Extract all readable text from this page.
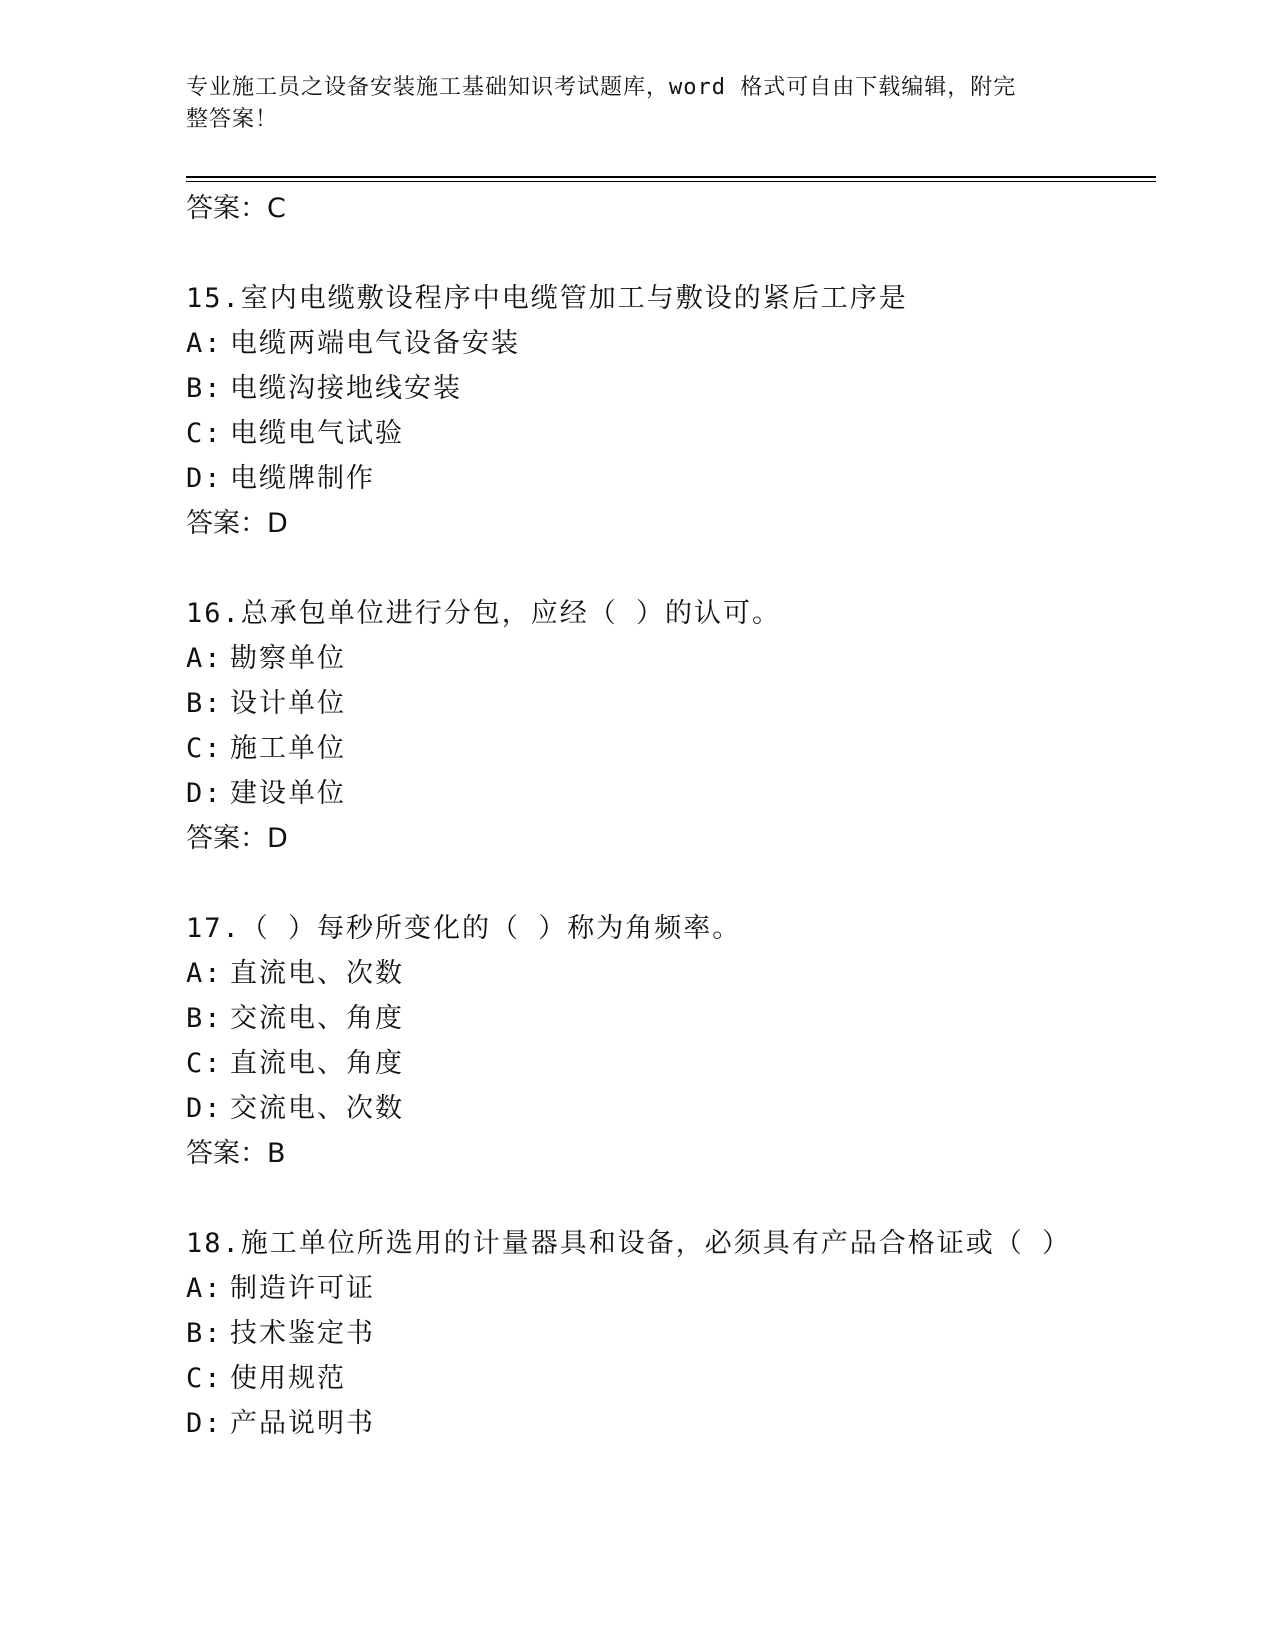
专业施工员之设备安装施工基础知识考试题库，word 格式可自由下载编辑，附完
整答案！
答案：C
15.室内电缆敷设程序中电缆管加工与敷设的紧后工序是
A: 电缆两端电气设备安装
B: 电缆沟接地线安装
C: 电缆电气试验
D: 电缆牌制作
答案：D
16.总承包单位进行分包，应经（ ）的认可。
A: 勘察单位
B: 设计单位
C: 施工单位
D: 建设单位
答案：D
17.（ ）每秒所变化的（ ）称为角频率。
A: 直流电、次数
B: 交流电、角度
C: 直流电、角度
D: 交流电、次数
答案：B
18.施工单位所选用的计量器具和设备，必须具有产品合格证或（ ）
A: 制造许可证
B: 技术鉴定书
C: 使用规范
D: 产品说明书
